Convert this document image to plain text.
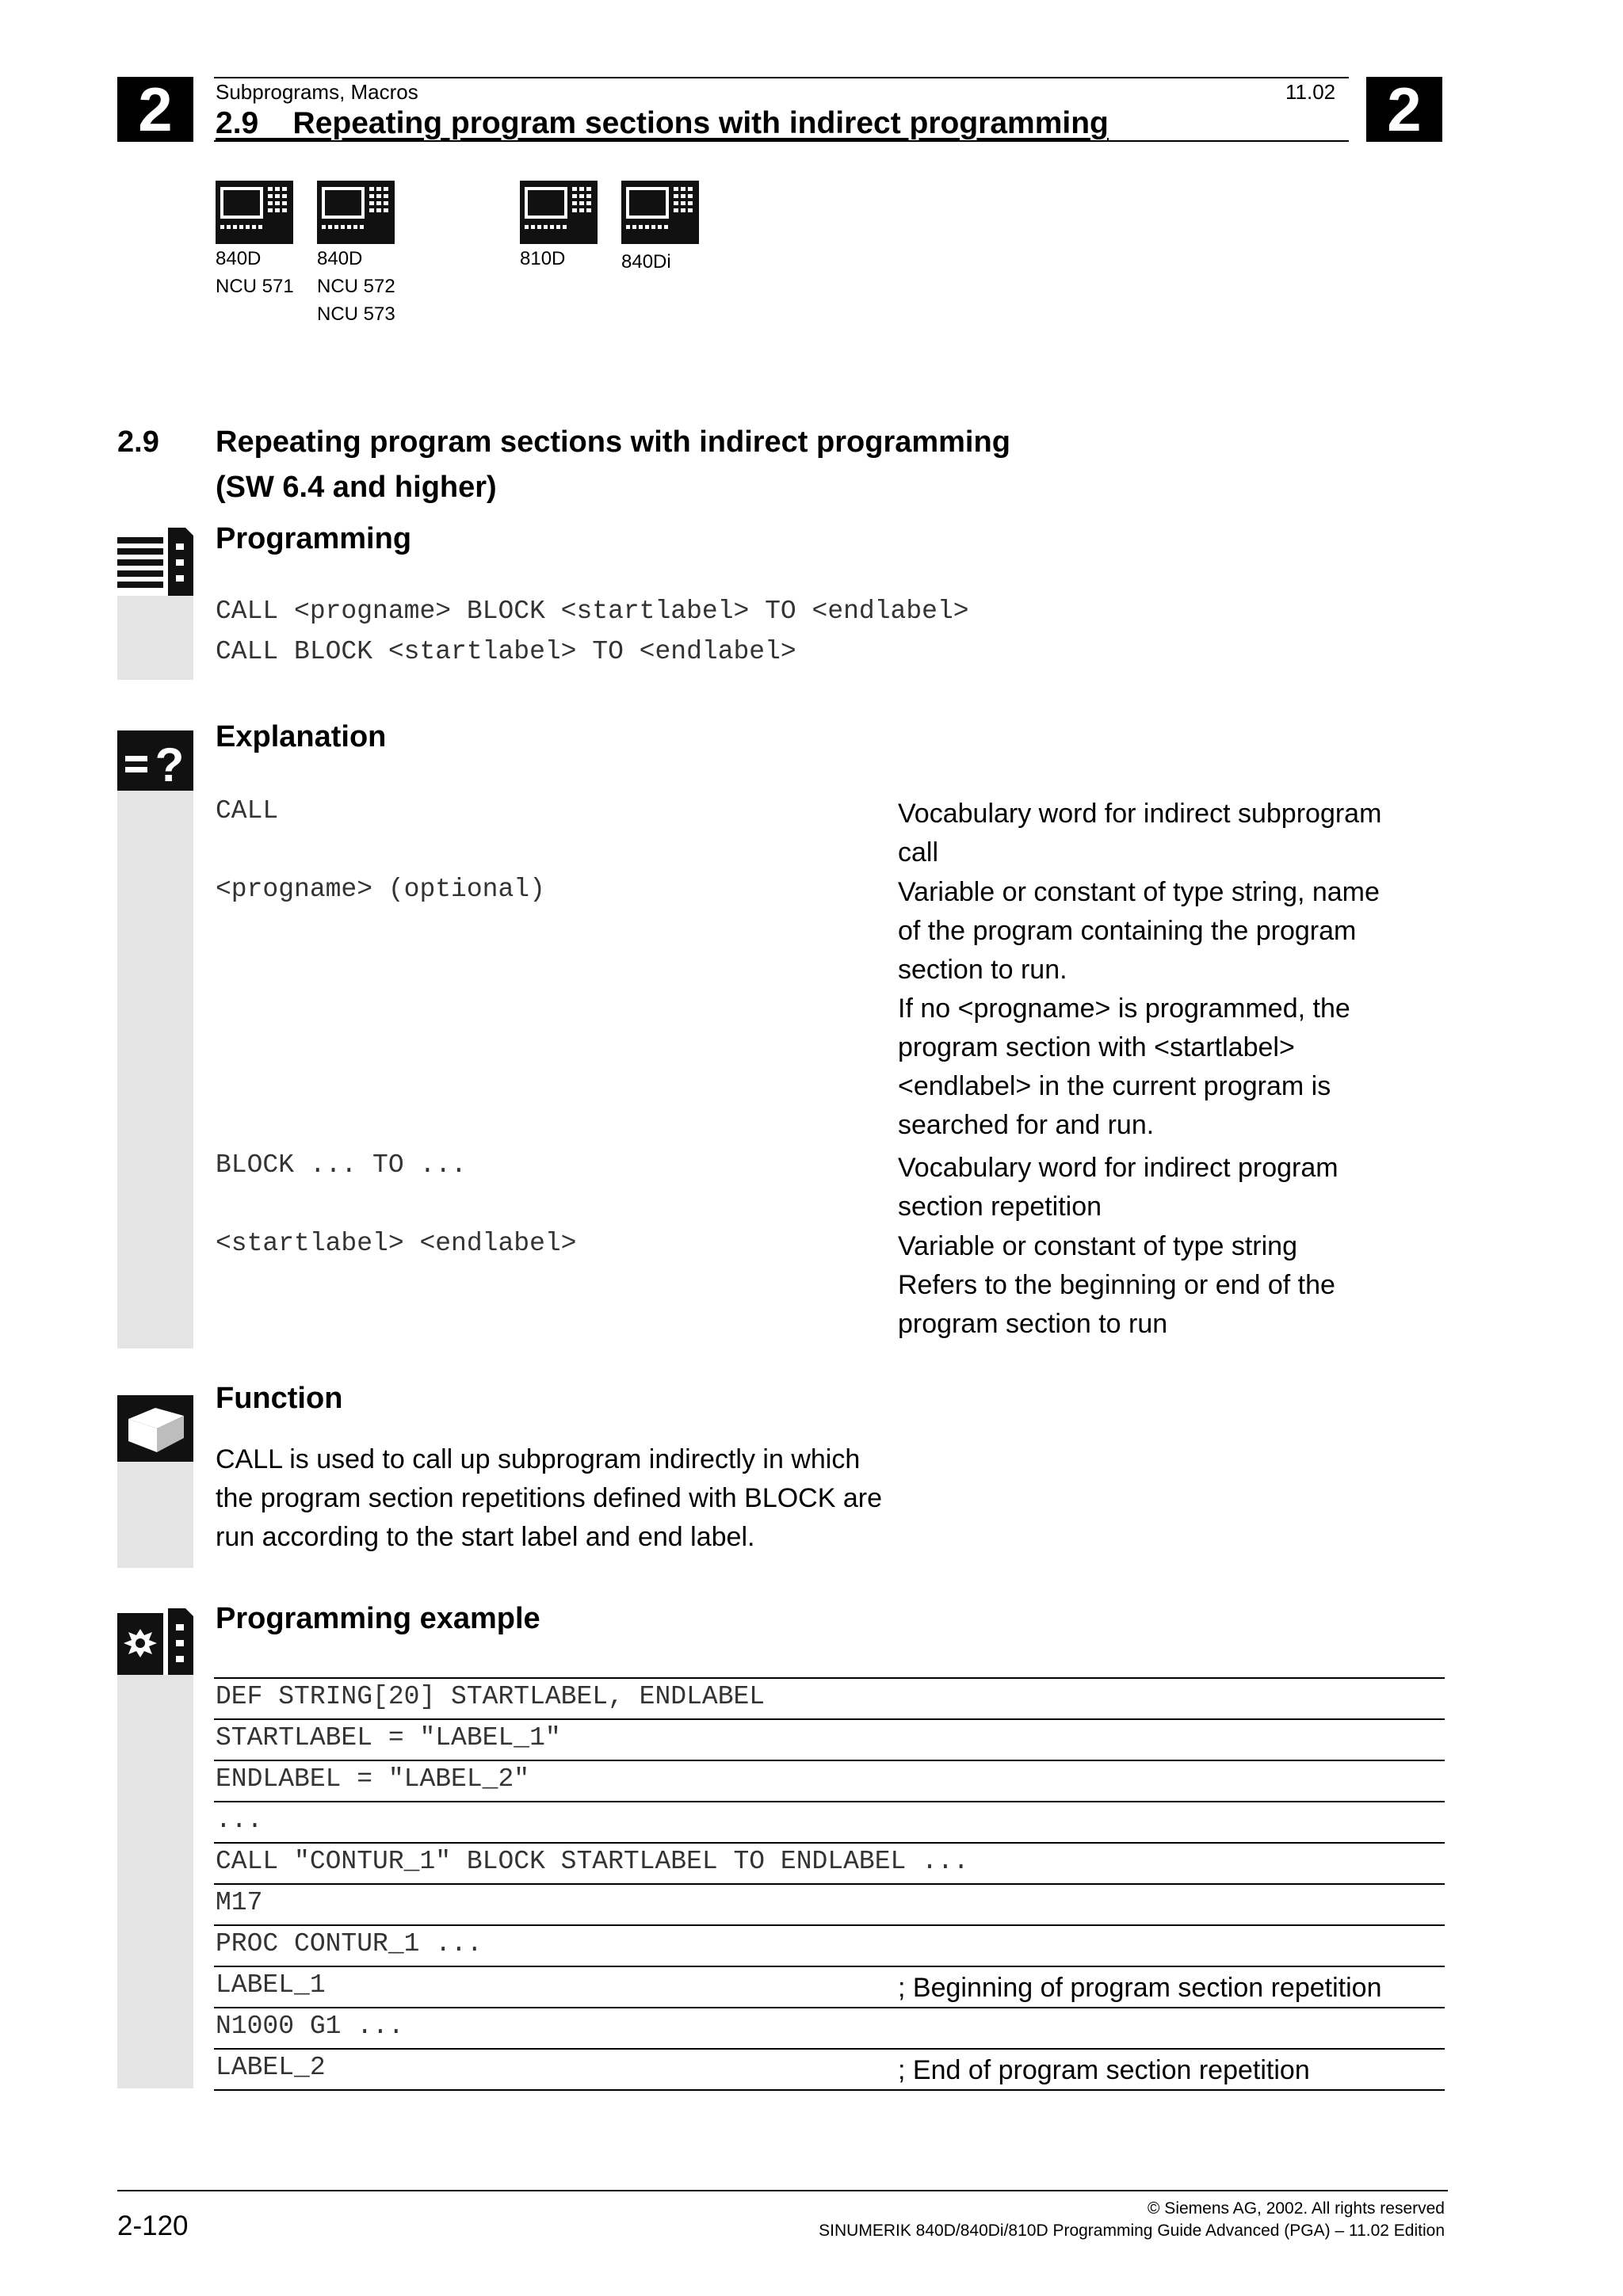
2	2
Subprograms, Macros	11.02
2.9    Repeating program sections with indirect programming
840D
NCU 571
840D
NCU 572
NCU 573
810D	840Di
2.9 Repeating program sections with indirect programming
(SW 6.4 and higher)
Programming
CALL <progname> BLOCK <startlabel> TO <endlabel>
CALL BLOCK <startlabel> TO <endlabel>
?
Explanation
CALL	Vocabulary word for indirect subprogram
call
<progname> (optional)	Variable or constant of type string, name
of the program containing the program
section to run.
If no <progname> is programmed, the
program section with <startlabel>
<endlabel> in the current program is
searched for and run.
BLOCK ... TO ...	Vocabulary word for indirect program
section repetition
<startlabel> <endlabel>	Variable or constant of type string
Refers to the beginning or end of the
program section to run
Function
CALL is used to call up subprogram indirectly in which
the program section repetitions defined with BLOCK are
run according to the start label and end label.
Programming example
DEF STRING[20] STARTLABEL, ENDLABEL
STARTLABEL = "LABEL_1"
ENDLABEL = "LABEL_2"
...
CALL "CONTUR_1" BLOCK STARTLABEL TO ENDLABEL ...
M17
PROC CONTUR_1 ...
LABEL_1	; Beginning of program section repetition
N1000 G1 ...
LABEL_2	; End of program section repetition
© Siemens AG, 2002. All rights reserved
2-120	SINUMERIK 840D/840Di/810D Programming Guide Advanced (PGA) – 11.02 Edition
